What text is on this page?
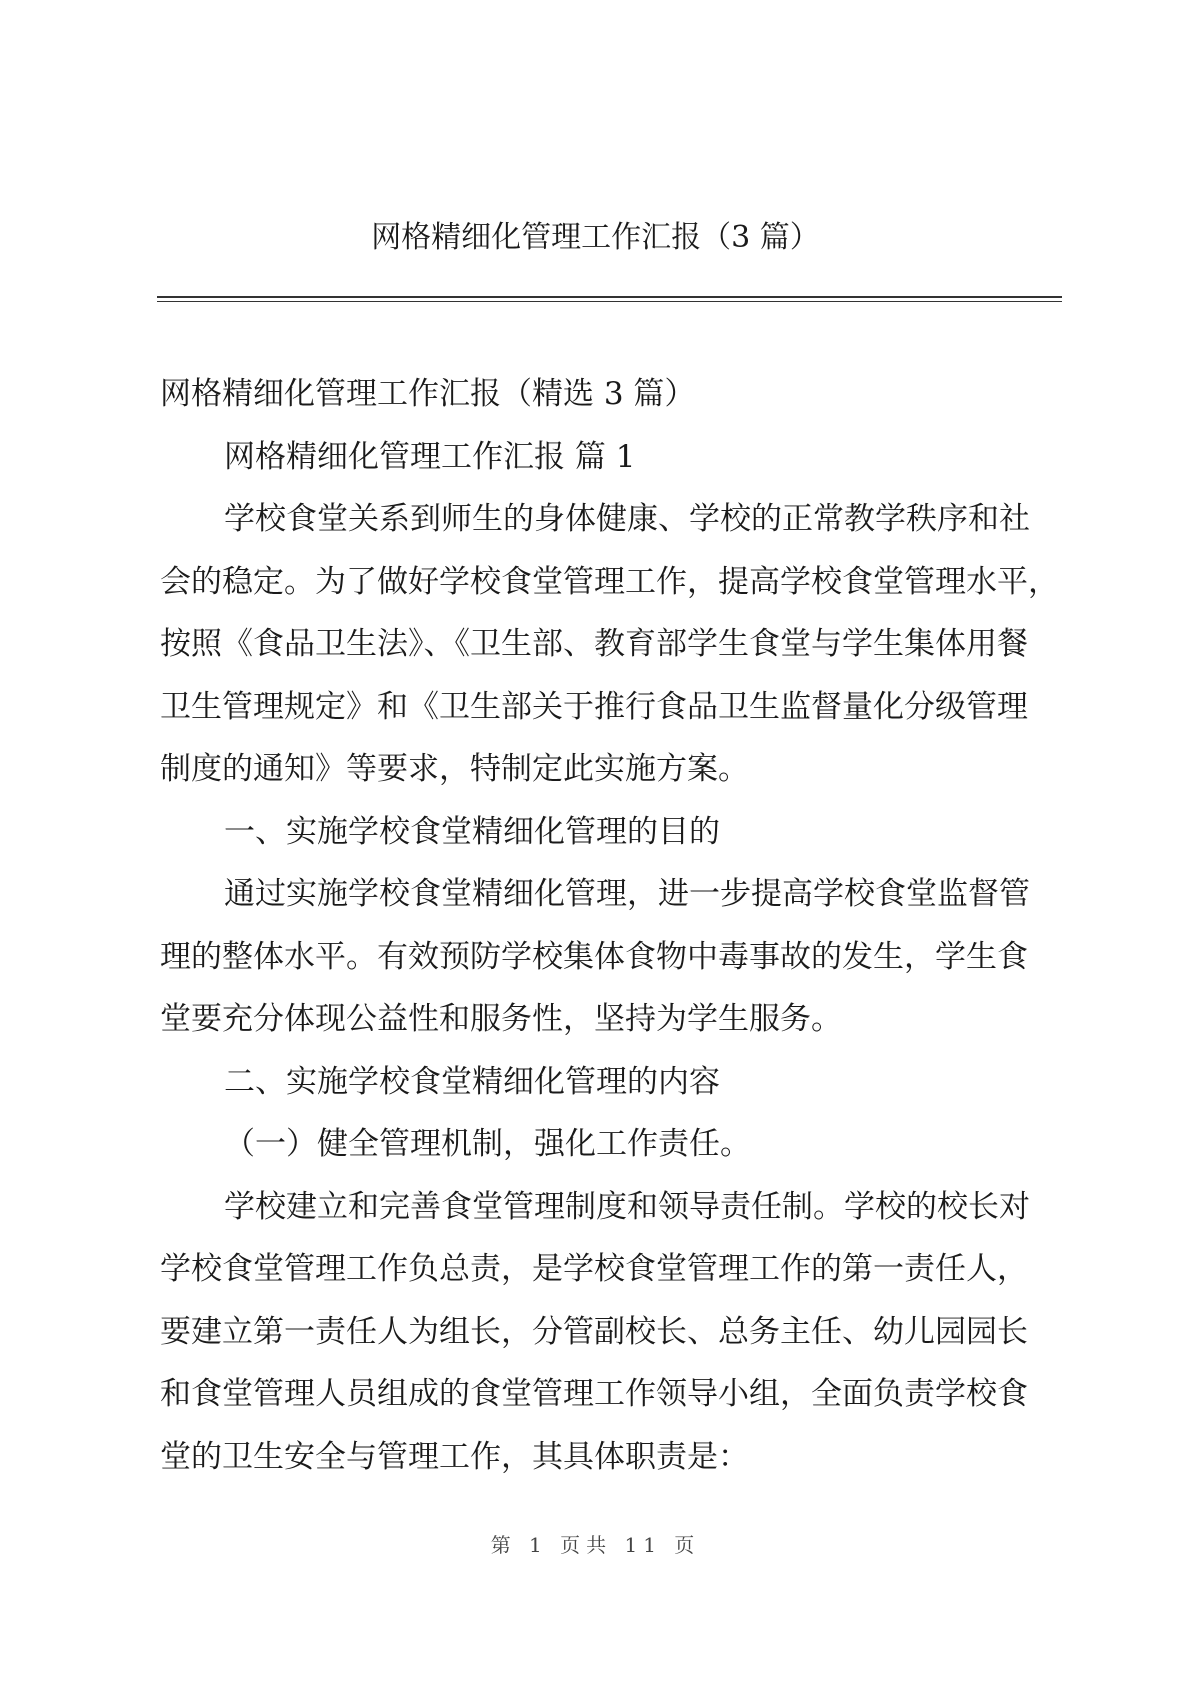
网格精细化管理工作汇报（3 篇）
网格精细化管理工作汇报（精选 3 篇）
网格精细化管理工作汇报 篇 1
学校食堂关系到师生的身体健康、学校的正常教学秩序和社
会的稳定。为了做好学校食堂管理工作，提高学校食堂管理水平，
按照《食品卫生法》、《卫生部、教育部学生食堂与学生集体用餐
卫生管理规定》和《卫生部关于推行食品卫生监督量化分级管理
制度的通知》等要求，特制定此实施方案。
一、实施学校食堂精细化管理的目的
通过实施学校食堂精细化管理，进一步提高学校食堂监督管
理的整体水平。有效预防学校集体食物中毒事故的发生，学生食
堂要充分体现公益性和服务性，坚持为学生服务。
二、实施学校食堂精细化管理的内容
（一）健全管理机制，强化工作责任。
学校建立和完善食堂管理制度和领导责任制。学校的校长对
学校食堂管理工作负总责，是学校食堂管理工作的第一责任人，
要建立第一责任人为组长，分管副校长、总务主任、幼儿园园长
和食堂管理人员组成的食堂管理工作领导小组，全面负责学校食
堂的卫生安全与管理工作，其具体职责是：
第 1 页共 11 页
